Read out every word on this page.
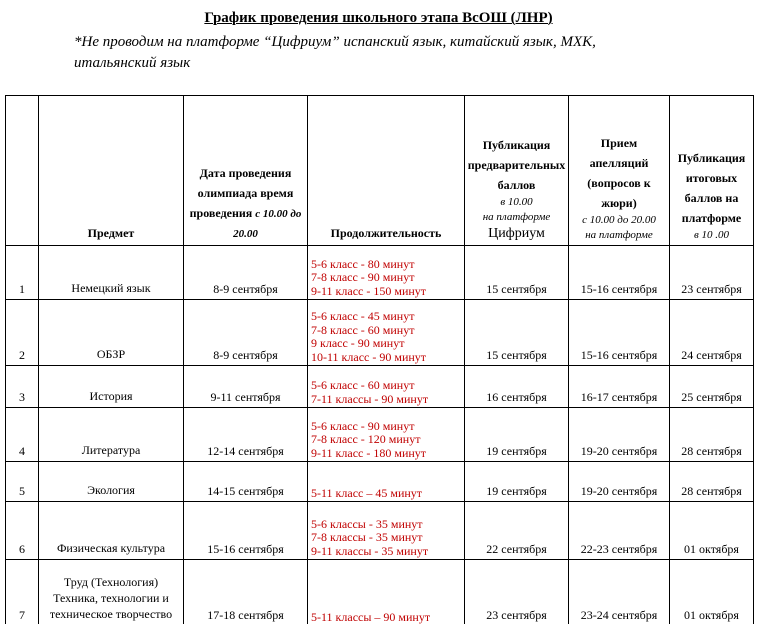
График проведения школьного этапа ВсОШ (ЛНР)
*Не проводим на платформе “Цифриум” испанский язык, китайский язык, МХК, итальянский язык
	Предмет	Дата проведения олимпиада время проведения с 10.00 до 20.00	Продолжительность	Публикация предварительных баллов
в 10.00
на платформе
Цифриум	Прием апелляций (вопросов к жюри)
с 10.00 до 20.00
на платформе	Публикация итоговых баллов на платформе
в 10 .00

1	Немецкий язык	8-9 сентября	5-6 класс - 80 минут
7-8 класс - 90 минут
9-11 класс - 150 минут	15 сентября	15-16 сентября	23 сентября
2	ОБЗР	8-9 сентября	5-6 класс - 45 минут
7-8 класс - 60 минут
9 класс - 90 минут
10-11 класс - 90 минут	15 сентября	15-16 сентября	24 сентября
3	История	9-11 сентября	5-6 класс - 60 минут
7-11 классы - 90 минут	16 сентября	16-17 сентября	25 сентября
4	Литература	12-14 сентября	5-6 класс - 90 минут
7-8 класс - 120 минут
9-11 класс - 180 минут	19 сентября	19-20 сентября	28 сентября
5	Экология	14-15 сентября	5-11 класс – 45 минут	19 сентября	19-20 сентября	28 сентября
6	Физическая культура	15-16 сентября	5-6 классы - 35 минут
7-8 классы - 35 минут
9-11 классы - 35 минут	22 сентября	22-23 сентября	01 октября
7	Труд (Технология) Техника, технологии и техническое творчество	17-18 сентября	5-11 классы – 90 минут	23 сентября	23-24 сентября	01 октября
